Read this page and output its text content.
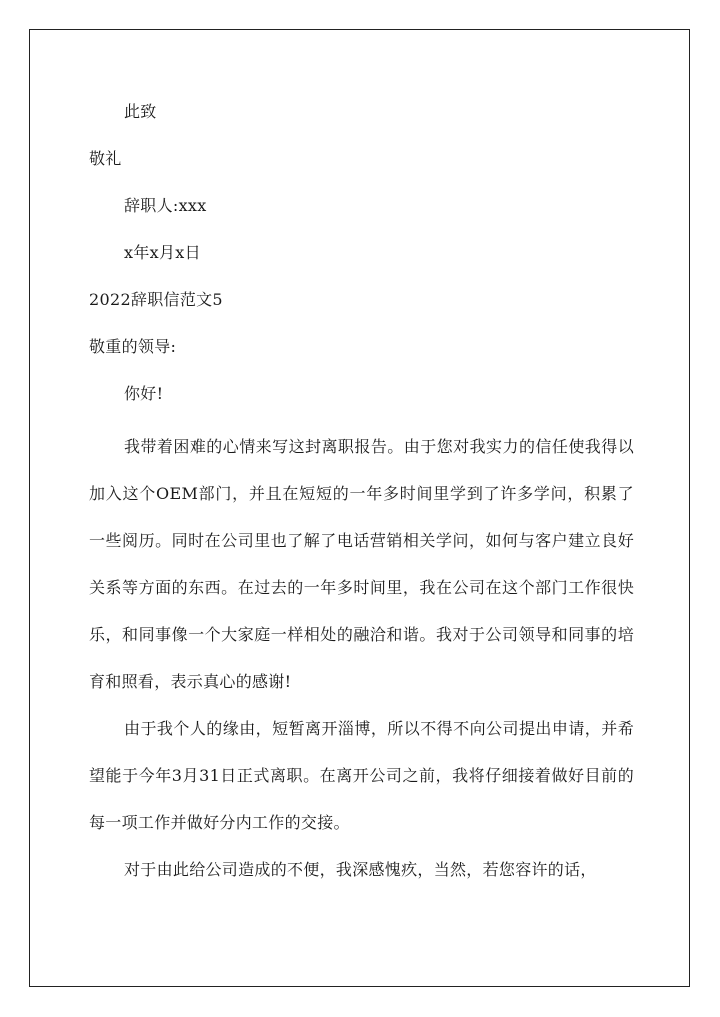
此致
敬礼
辞职人:xxx
x年x月x日
2022辞职信范文5
敬重的领导:
你好!
我带着困难的心情来写这封离职报告。由于您对我实力的信任使我得以加入这个OEM部门，并且在短短的一年多时间里学到了许多学问，积累了一些阅历。同时在公司里也了解了电话营销相关学问，如何与客户建立良好关系等方面的东西。在过去的一年多时间里，我在公司在这个部门工作很快乐，和同事像一个大家庭一样相处的融洽和谐。我对于公司领导和同事的培育和照看，表示真心的感谢!
由于我个人的缘由，短暂离开淄博，所以不得不向公司提出申请，并希望能于今年3月31日正式离职。在离开公司之前，我将仔细接着做好目前的每一项工作并做好分内工作的交接。
对于由此给公司造成的不便，我深感愧疚，当然，若您容许的话，
